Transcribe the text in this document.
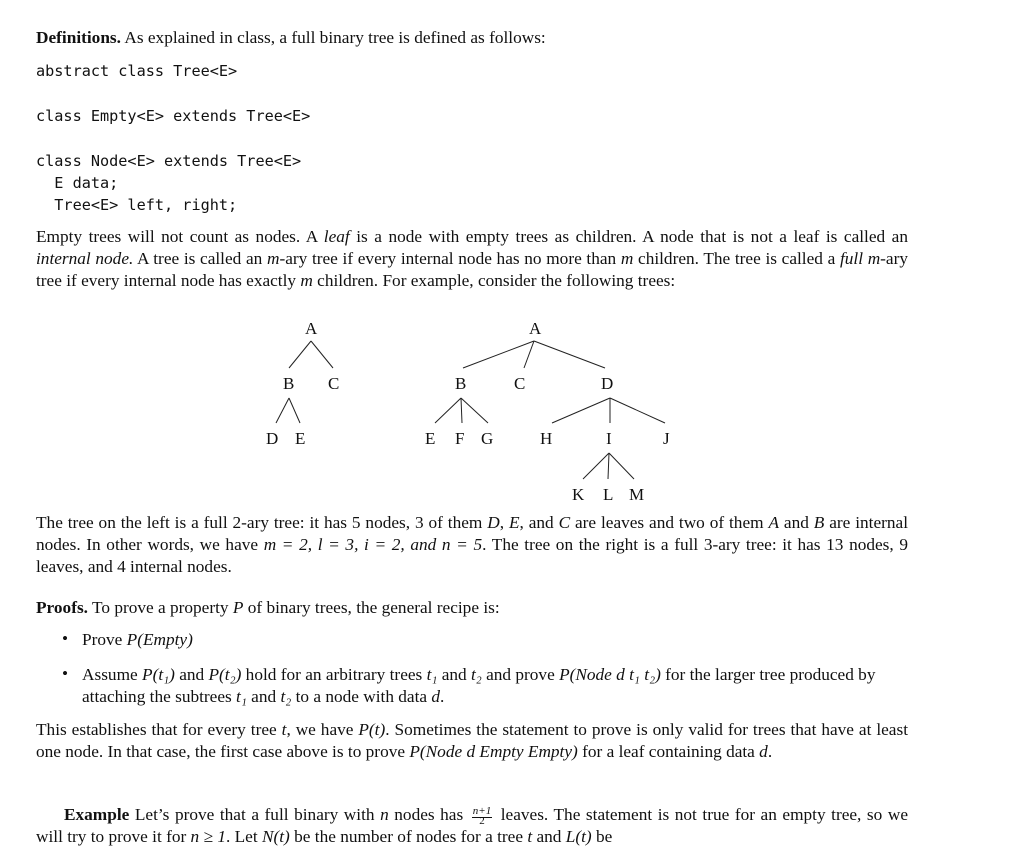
Definitions. As explained in class, a full binary tree is defined as follows:
abstract class Tree<E>
class Empty<E> extends Tree<E>
class Node<E> extends Tree<E>
E data;
Tree<E> left, right;
Empty trees will not count as nodes. A leaf is a node with empty trees as children. A node that is not a leaf is called an internal node. A tree is called an m-ary tree if every internal node has no more than m children. The tree is called a full m-ary tree if every internal node has exactly m children. For example, consider the following trees:
A
B C
D E
A
B	C	D
E F G	H	I	J
K L M
The tree on the left is a full 2-ary tree: it has 5 nodes, 3 of them D, E, and C are leaves and two of them A and B are internal nodes. In other words, we have m = 2, l = 3, i = 2, and n = 5. The tree on the right is a full 3-ary tree: it has 13 nodes, 9 leaves, and 4 internal nodes.
Proofs. To prove a property P of binary trees, the general recipe is:
• Prove P(Empty)
• Assume P(t₁) and P(t₂) hold for an arbitrary trees t₁ and t₂ and prove P(Node d t₁ t₂) for the larger tree produced by attaching the subtrees t₁ and t₂ to a node with data d.
This establishes that for every tree t, we have P(t). Sometimes the statement to prove is only valid for trees that have at least one node. In that case, the first case above is to prove P(Node d Empty Empty) for a leaf containing data d.
Example Let’s prove that a full binary with n nodes has $\frac{n+1}{2}$ leaves. The statement is not true for an empty tree, so we will try to prove it for n ≥ 1. Let N(t) be the number of nodes for a tree t and L(t) be
